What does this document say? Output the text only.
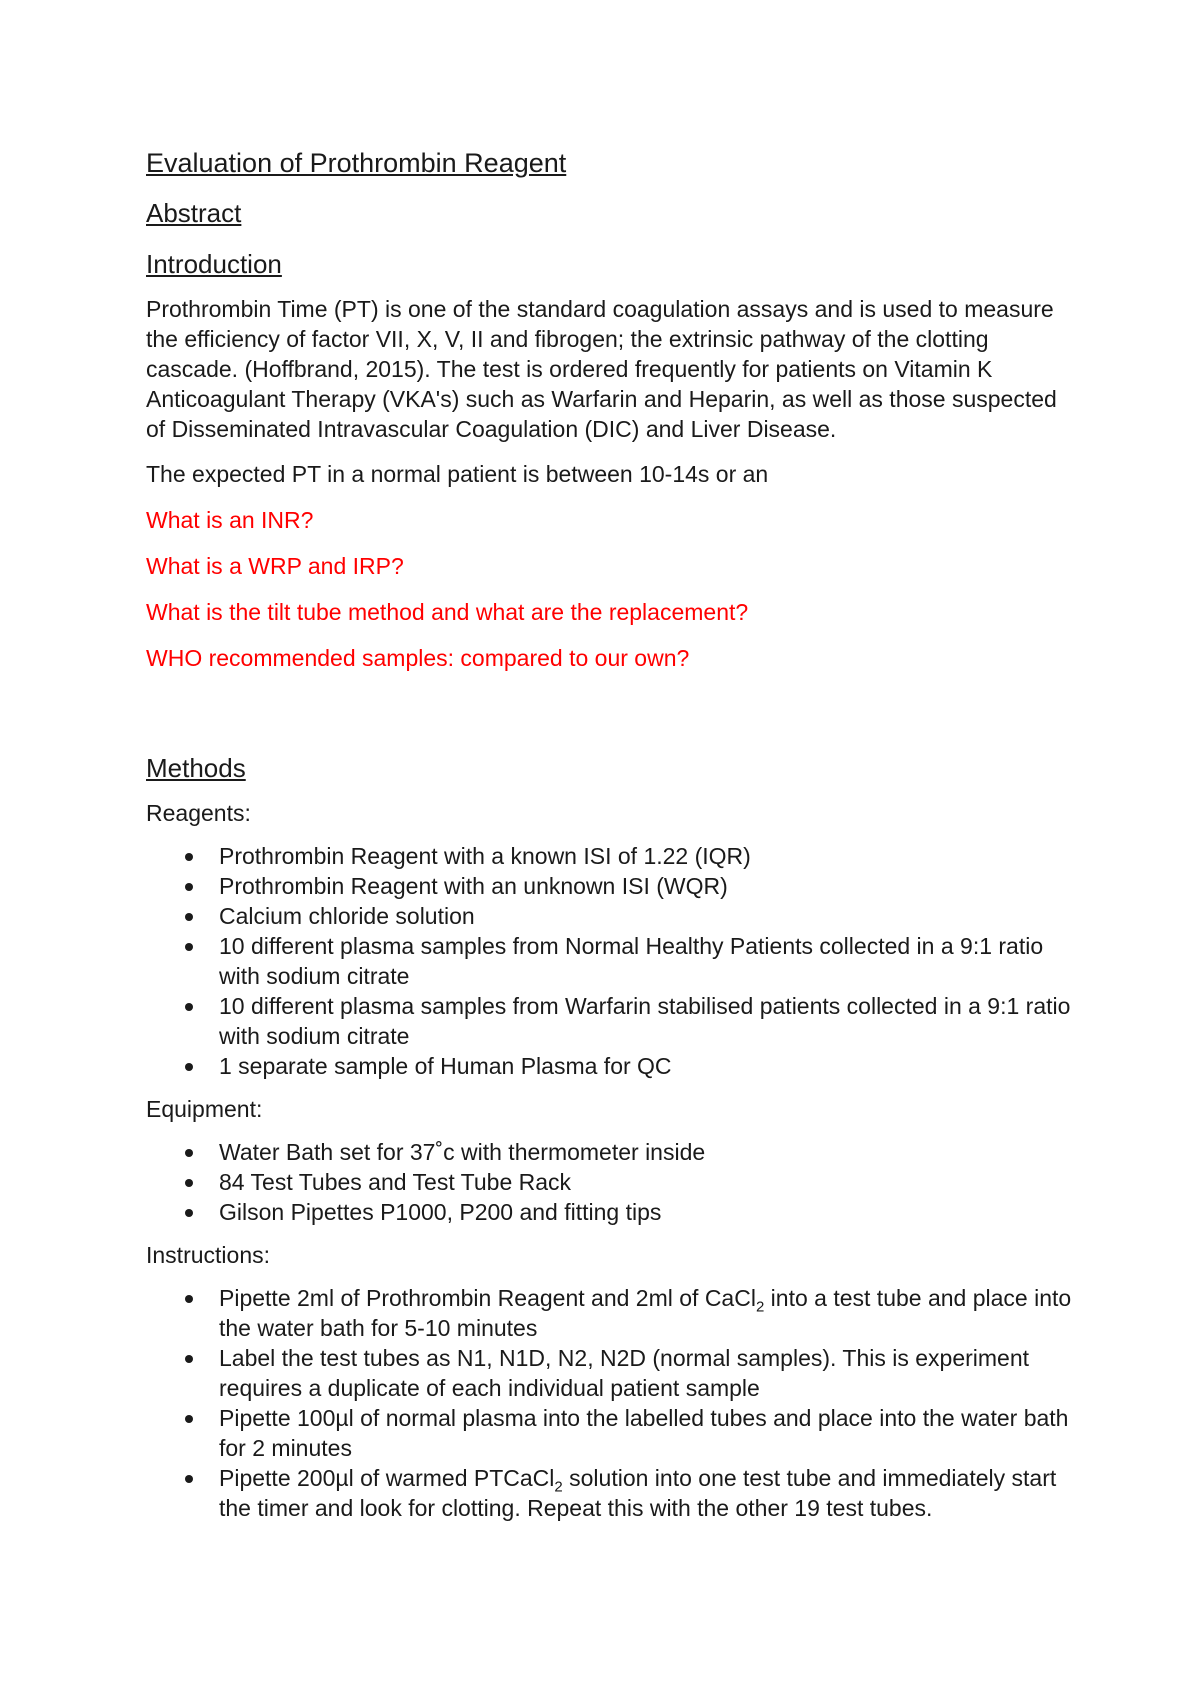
Evaluation of Prothrombin Reagent
Abstract
Introduction

Prothrombin Time (PT) is one of the standard coagulation assays and is used to measure the efficiency of factor VII, X, V, II and fibrogen; the extrinsic pathway of the clotting cascade. (Hoffbrand, 2015). The test is ordered frequently for patients on Vitamin K Anticoagulant Therapy (VKA's) such as Warfarin and Heparin, as well as those suspected of Disseminated Intravascular Coagulation (DIC) and Liver Disease.

The expected PT in a normal patient is between 10-14s or an

What is an INR?

What is a WRP and IRP?

What is the tilt tube method and what are the replacement?

WHO recommended samples: compared to our own?

Methods

Reagents:

Prothrombin Reagent with a known ISI of 1.22 (IQR)
Prothrombin Reagent with an unknown ISI (WQR)
Calcium chloride solution
10 different plasma samples from Normal Healthy Patients collected in a 9:1 ratio with sodium citrate
10 different plasma samples from Warfarin stabilised patients collected in a 9:1 ratio with sodium citrate
1 separate sample of Human Plasma for QC

Equipment:

Water Bath set for 37˚c with thermometer inside
84 Test Tubes and Test Tube Rack
Gilson Pipettes P1000, P200 and fitting tips

Instructions:

Pipette 2ml of Prothrombin Reagent and 2ml of CaCl$_2$ into a test tube and place into the water bath for 5-10 minutes
Label the test tubes as N1, N1D, N2, N2D (normal samples). This is experiment requires a duplicate of each individual patient sample
Pipette 100µl of normal plasma into the labelled tubes and place into the water bath for 2 minutes
Pipette 200µl of warmed PTCaCl$_2$ solution into one test tube and immediately start the timer and look for clotting. Repeat this with the other 19 test tubes.
